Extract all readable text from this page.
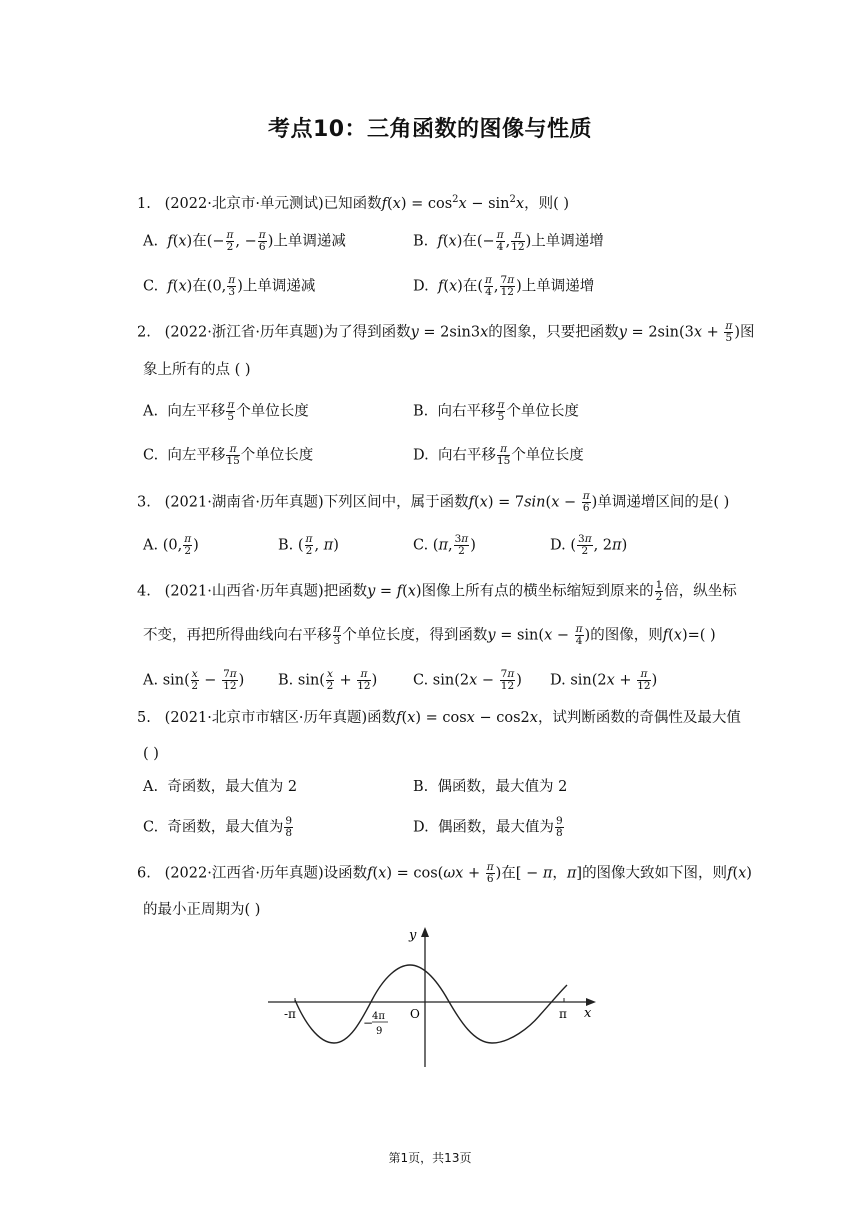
考点10：三角函数的图像与性质
1. (2022·北京市·单元测试)已知函数$f(x) = \cos^2x - \sin^2x$，则( )
A. f(x)在(− $\frac{\pi}{2}$ , − $\frac{\pi}{6}$ )上单调递减	B. f(x)在(− $\frac{\pi}{4}$ , $\frac{\pi}{12}$ )上单调递增
C. f(x)在(0, $\frac{\pi}{3}$ )上单调递减	D. f(x)在( $\frac{\pi}{4}$ , $\frac{7\pi}{12}$ )上单调递增
2. (2022·浙江省·历年真题)为了得到函数y = 2sin3x的图象，只要把函数$y = 2\sin(3x + \frac{\pi}{5}$ )图
象上所有的点 ( )
A. 向左平移 $\frac{\pi}{5}$ 个单位长度	B. 向右平移 $\frac{\pi}{5}$ 个单位长度
C. 向左平移 $\frac{\pi}{15}$ 个单位长度	D. 向右平移 $\frac{\pi}{15}$ 个单位长度
3. (2021·湖南省·历年真题)下列区间中，属于函数$f(x) = 7\sin(x - \frac{\pi}{6}$ )单调递增区间的是( )
A. (0, $\frac{\pi}{2}$ )	B. ( $\frac{\pi}{2}$ , π)	C. (π, $\frac{3\pi}{2}$ )	D. ( $\frac{3\pi}{2}$ , 2π)
4. (2021·山西省·历年真题)把函数y = f(x)图像上所有点的横坐标缩短到原来的 $\frac{1}{2}$ 倍，纵坐标
不变，再把所得曲线向右平移 $\frac{\pi}{3}$ 个单位长度，得到函数$y = \sin(x - \frac{\pi}{4}$ )的图像，则f(x)=( )
A. $\sin( \frac{x}{2} - \frac{7\pi}{12}$ ) B. $\sin( \frac{x}{2} + \frac{\pi}{12}$ ) C. $\sin(2x - \frac{7\pi}{12}$ ) D. $\sin(2x + \frac{\pi}{12}$ )
5. (2021·北京市市辖区·历年真题)函数f(x) = cosx − cos2x，试判断函数的奇偶性及最大值
( )
A. 奇函数，最大值为 2	B. 偶函数，最大值为 2
C. 奇函数，最大值为 $\frac{9}{8}$	D. 偶函数，最大值为 $\frac{9}{8}$
6. (2022·江西省·历年真题)设函数$f(x) = \cos(\omega x + \frac{\pi}{6}$ )在[ − π，π]的图像大致如下图，则f(x)
的最小正周期为( )
y
x
O
-π	π
−
4π
9
第1页，共13页
